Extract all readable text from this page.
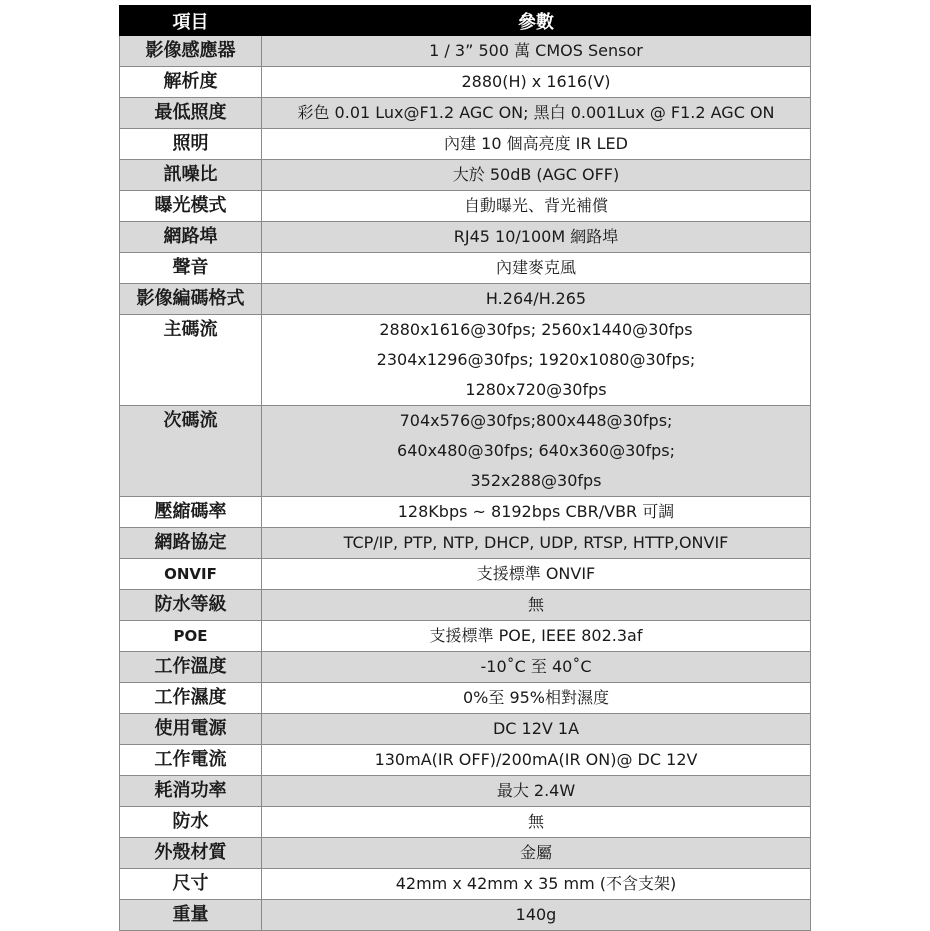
項目	參數
影像感應器	1 / 3” 500 萬 CMOS Sensor
解析度	2880(H) x 1616(V)
最低照度	彩色 0.01 Lux@F1.2 AGC ON; 黑白 0.001Lux @ F1.2 AGC ON
照明	內建 10 個高亮度 IR LED
訊噪比	大於 50dB (AGC OFF)
曝光模式	自動曝光、背光補償
網路埠	RJ45 10/100M 網路埠
聲音	內建麥克風
影像編碼格式	H.264/H.265
主碼流	2880x1616@30fps; 2560x1440@30fps
2304x1296@30fps; 1920x1080@30fps;
1280x720@30fps

次碼流	704x576@30fps;800x448@30fps;
640x480@30fps; 640x360@30fps;
352x288@30fps

壓縮碼率	128Kbps ~ 8192bps CBR/VBR 可調
網路協定	TCP/IP, PTP, NTP, DHCP, UDP, RTSP, HTTP,ONVIF
ONVIF	支援標準 ONVIF
防水等級	無
POE	支援標準 POE, IEEE 802.3af
工作溫度	-10˚C 至 40˚C
工作濕度	0%至 95%相對濕度
使用電源	DC 12V 1A
工作電流	130mA(IR OFF)/200mA(IR ON)@ DC 12V
耗消功率	最大 2.4W
防水	無
外殼材質	金屬
尺寸	42mm x 42mm x 35 mm (不含支架)
重量	140g
